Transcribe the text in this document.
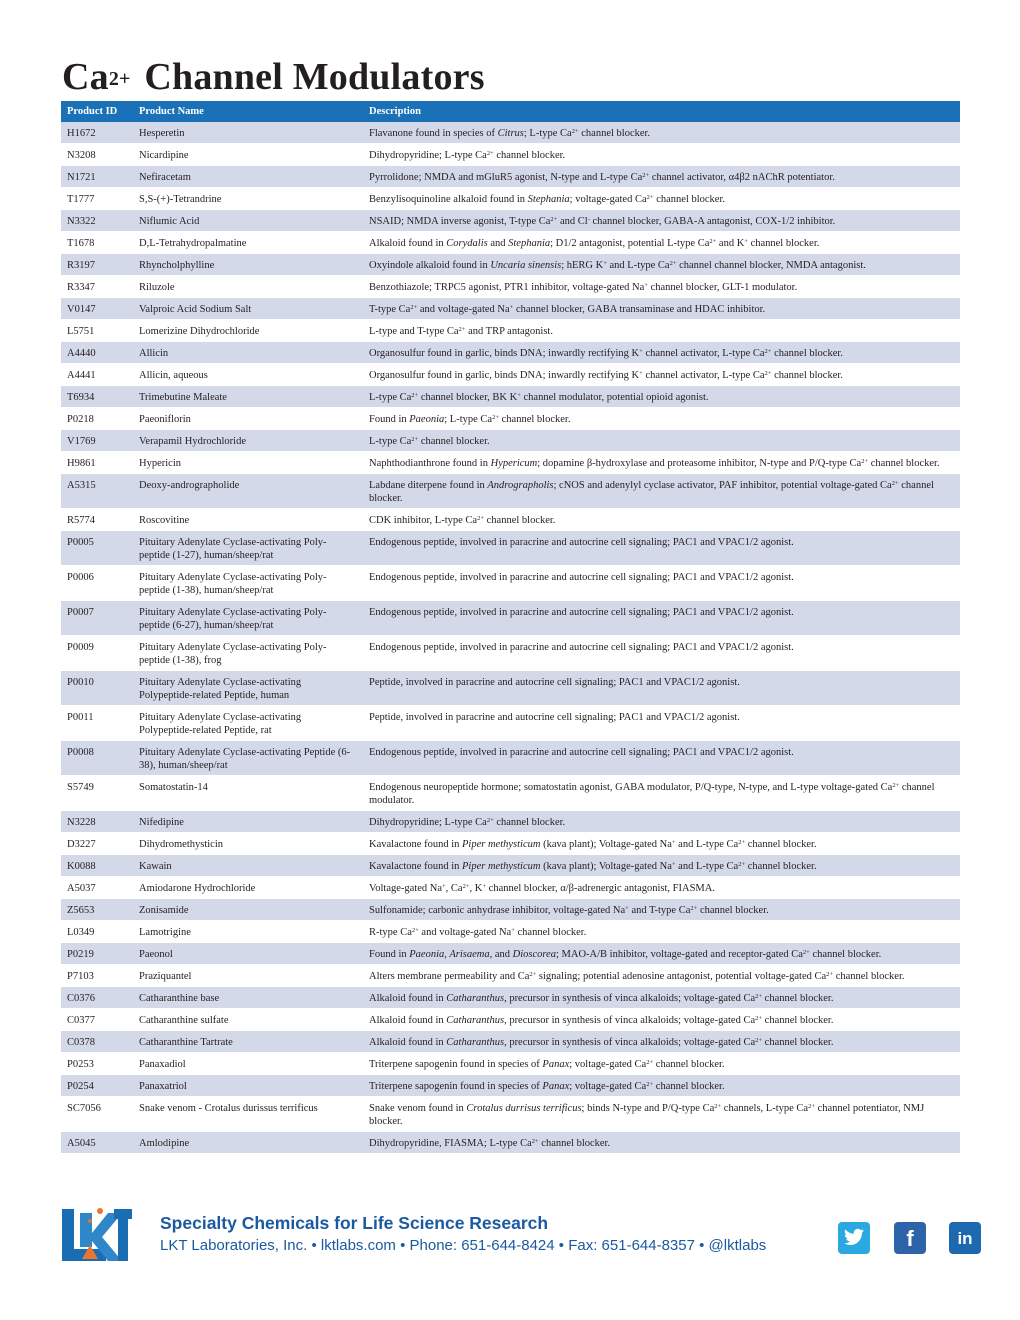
$Ca^{2+}$ Channel Modulators
Product ID	Product Name	Description
H1672	Hesperetin	Flavanone found in species of Citrus; L-type $Ca^{2+}$ channel blocker.
N3208	Nicardipine	Dihydropyridine; L-type $Ca^{2+}$ channel blocker.
N1721	Nefiracetam	Pyrrolidone; NMDA and mGluR5 agonist, N-type and L-type $Ca^{2+}$ channel activator, α4β2 nAChR potentiator.
T1777	S,S-(+)-Tetrandrine	Benzylisoquinoline alkaloid found in Stephania; voltage-gated $Ca^{2+}$ channel blocker.
N3322	Niflumic Acid	NSAID; NMDA inverse agonist, T-type $Ca^{2+}$ and Cl- channel blocker, GABA-A antagonist, COX-1/2 inhibitor.
T1678	D,L-Tetrahydropalmatine	Alkaloid found in Corydalis and Stephania; D1/2 antagonist, potential L-type $Ca^{2+}$ and K+ channel blocker.
R3197	Rhyncholphylline	Oxyindole alkaloid found in Uncaria sinensis; hERG K+ and L-type $Ca^{2+}$ channel channel blocker, NMDA antagonist.
R3347	Riluzole	Benzothiazole; TRPC5 agonist, PTR1 inhibitor, voltage-gated Na+ channel blocker, GLT-1 modulator.
V0147	Valproic Acid Sodium Salt	T-type $Ca^{2+}$ and voltage-gated Na+ channel blocker, GABA transaminase and HDAC inhibitor.
L5751	Lomerizine Dihydrochloride	L-type and T-type $Ca^{2+}$ and TRP antagonist.
A4440	Allicin	Organosulfur found in garlic, binds DNA; inwardly rectifying K+ channel activator, L-type $Ca^{2+}$ channel blocker.
A4441	Allicin, aqueous	Organosulfur found in garlic, binds DNA; inwardly rectifying K+ channel activator, L-type $Ca^{2+}$ channel blocker.
T6934	Trimebutine Maleate	L-type $Ca^{2+}$ channel blocker, BK K+ channel modulator, potential opioid agonist.
P0218	Paeoniflorin	Found in Paeonia; L-type $Ca^{2+}$ channel blocker.
V1769	Verapamil Hydrochloride	L-type $Ca^{2+}$ channel blocker.
H9861	Hypericin	Naphthodianthrone found in Hypericum; dopamine β-hydroxylase and proteasome inhibitor, N-type and P/Q-type $Ca^{2+}$ channel blocker.
A5315	Deoxy-andrographolide	Labdane diterpene found in Andrographolis; cNOS and adenylyl cyclase activator, PAF inhibitor, potential voltage-gated $Ca^{2+}$ channel blocker.
R5774	Roscovitine	CDK inhibitor, L-type $Ca^{2+}$ channel blocker.
P0005	Pituitary Adenylate Cyclase-activating Poly-peptide (1-27), human/sheep/rat	Endogenous peptide, involved in paracrine and autocrine cell signaling; PAC1 and VPAC1/2 agonist.
P0006	Pituitary Adenylate Cyclase-activating Poly-peptide (1-38), human/sheep/rat	Endogenous peptide, involved in paracrine and autocrine cell signaling; PAC1 and VPAC1/2 agonist.
P0007	Pituitary Adenylate Cyclase-activating Poly-peptide (6-27), human/sheep/rat	Endogenous peptide, involved in paracrine and autocrine cell signaling; PAC1 and VPAC1/2 agonist.
P0009	Pituitary Adenylate Cyclase-activating Poly-peptide (1-38), frog	Endogenous peptide, involved in paracrine and autocrine cell signaling; PAC1 and VPAC1/2 agonist.
P0010	Pituitary Adenylate Cyclase-activating Polypeptide-related Peptide, human	Peptide, involved in paracrine and autocrine cell signaling; PAC1 and VPAC1/2 agonist.
P0011	Pituitary Adenylate Cyclase-activating Polypeptide-related Peptide, rat	Peptide, involved in paracrine and autocrine cell signaling; PAC1 and VPAC1/2 agonist.
P0008	Pituitary Adenylate Cyclase-activating Peptide (6-38), human/sheep/rat	Endogenous peptide, involved in paracrine and autocrine cell signaling; PAC1 and VPAC1/2 agonist.
S5749	Somatostatin-14	Endogenous neuropeptide hormone; somatostatin agonist, GABA modulator, P/Q-type, N-type, and L-type voltage-gated $Ca^{2+}$ channel modulator.
N3228	Nifedipine	Dihydropyridine; L-type $Ca^{2+}$ channel blocker.
D3227	Dihydromethysticin	Kavalactone found in Piper methysticum (kava plant); Voltage-gated Na+ and L-type $Ca^{2+}$ channel blocker.
K0088	Kawain	Kavalactone found in Piper methysticum (kava plant); Voltage-gated Na+ and L-type $Ca^{2+}$ channel blocker.
A5037	Amiodarone Hydrochloride	Voltage-gated Na+, $Ca^{2+}$, K+ channel blocker, α/β-adrenergic antagonist, FIASMA.
Z5653	Zonisamide	Sulfonamide; carbonic anhydrase inhibitor, voltage-gated Na+ and T-type $Ca^{2+}$ channel blocker.
L0349	Lamotrigine	R-type $Ca^{2+}$ and voltage-gated Na+ channel blocker.
P0219	Paeonol	Found in Paeonia, Arisaema, and Dioscorea; MAO-A/B inhibitor, voltage-gated and receptor-gated $Ca^{2+}$ channel blocker.
P7103	Praziquantel	Alters membrane permeability and $Ca^{2+}$ signaling; potential adenosine antagonist, potential voltage-gated $Ca^{2+}$ channel blocker.
C0376	Catharanthine base	Alkaloid found in Catharanthus, precursor in synthesis of vinca alkaloids; voltage-gated $Ca^{2+}$ channel blocker.
C0377	Catharanthine sulfate	Alkaloid found in Catharanthus, precursor in synthesis of vinca alkaloids; voltage-gated $Ca^{2+}$ channel blocker.
C0378	Catharanthine Tartrate	Alkaloid found in Catharanthus, precursor in synthesis of vinca alkaloids; voltage-gated $Ca^{2+}$ channel blocker.
P0253	Panaxadiol	Triterpene sapogenin found in species of Panax; voltage-gated $Ca^{2+}$ channel blocker.
P0254	Panaxatriol	Triterpene sapogenin found in species of Panax; voltage-gated $Ca^{2+}$ channel blocker.
SC7056	Snake venom - Crotalus durissus terrificus	Snake venom found in Crotalus durrisus terrificus; binds N-type and P/Q-type $Ca^{2+}$ channels, L-type $Ca^{2+}$ channel potentiator, NMJ blocker.
A5045	Amlodipine	Dihydropyridine, FIASMA; L-type $Ca^{2+}$ channel blocker.
Specialty Chemicals for Life Science Research
LKT Laboratories, Inc. • lktlabs.com • Phone: 651-644-8424 • Fax: 651-644-8357 • @lktlabs	f	in
